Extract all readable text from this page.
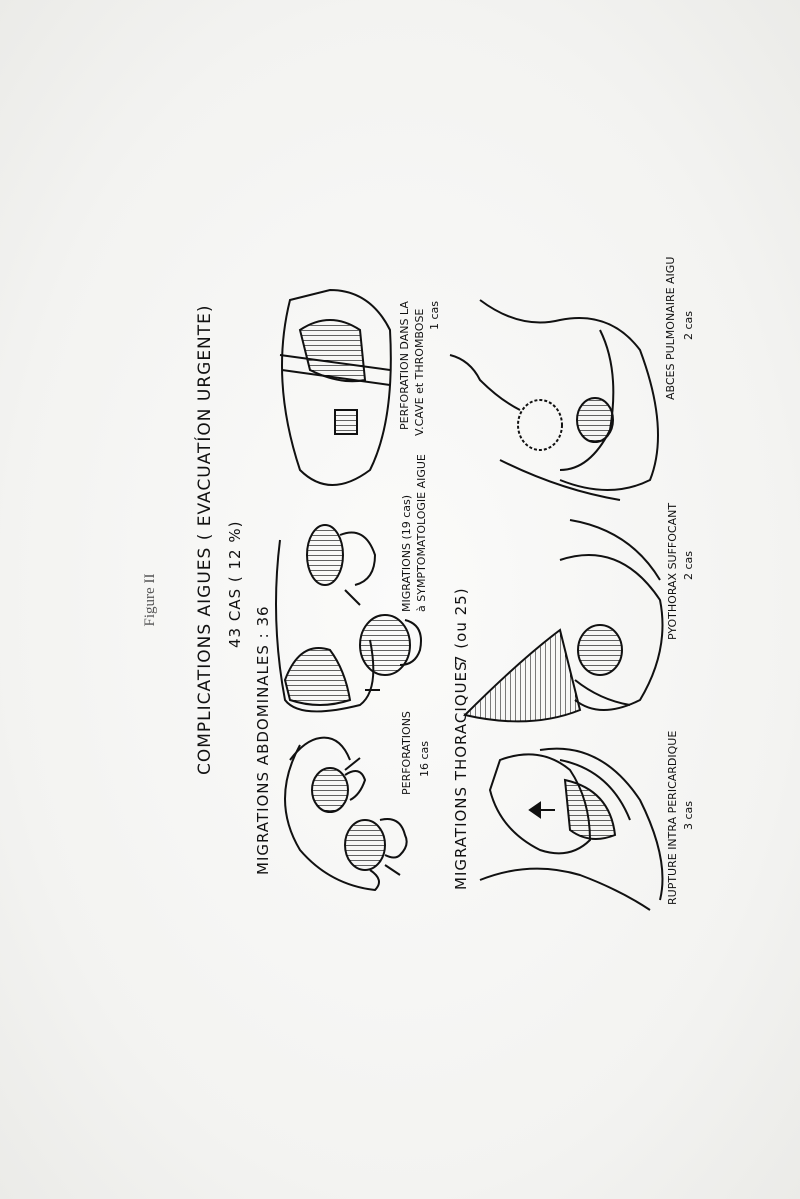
Figure II COMPLICATIONS AIGUES ( EVACUATÍON URGENTE) 43 CAS ( 12 %)
MIGRATIONS ABDOMINALES : 36	MIGRATIONS THORACIQUES
7 (ou 25)
PERFORATIONS 16 cas
MIGRATIONS (19 cas) à SYMPTOMATOLOGIE AIGUE
PERFORATION DANS LA V.CAVE et THROMBOSE 1 cas
RUPTURE INTRA PERICARDIQUE 3 cas
PYOTHORAX SUFFOCANT 2 cas
ABCES PULMONAIRE AIGU 2 cas
